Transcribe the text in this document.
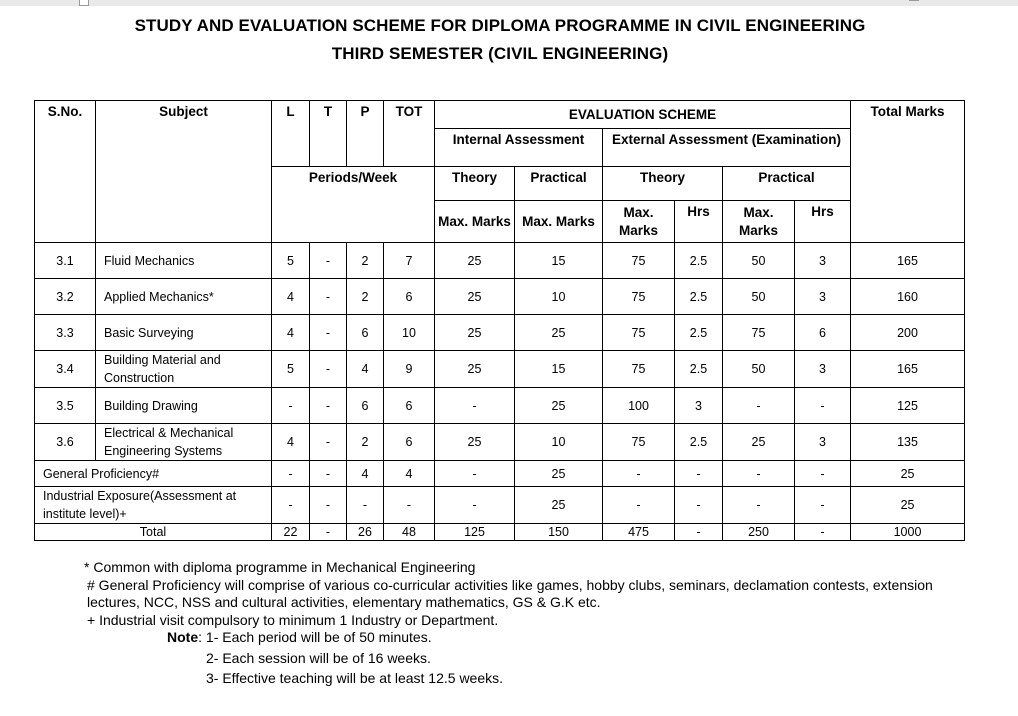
STUDY AND EVALUATION SCHEME FOR DIPLOMA PROGRAMME IN CIVIL ENGINEERING
THIRD SEMESTER (CIVIL ENGINEERING)
S.No.	Subject	L	T	P	TOT	EVALUATION SCHEME						Total Marks
						Internal Assessment		External Assessment (Examination)				
		Periods/Week				Theory	Practical	Theory		Practical		
						Max. Marks	Max. Marks	Max. Marks	Hrs	Max. Marks	Hrs	
3.1	Fluid Mechanics	5	-	2	7	25	15	75	2.5	50	3	165
3.2	Applied Mechanics*	4	-	2	6	25	10	75	2.5	50	3	160
3.3	Basic Surveying	4	-	6	10	25	25	75	2.5	75	6	200
3.4	Building Material and Construction	5	-	4	9	25	15	75	2.5	50	3	165
3.5	Building Drawing	-	-	6	6	-	25	100	3	-	-	125
3.6	Electrical & Mechanical Engineering Systems	4	-	2	6	25	10	75	2.5	25	3	135
General Proficiency#		-	-	4	4	-	25	-	-	-	-	25
Industrial Exposure(Assessment at institute level)+		-	-	-	-	-	25	-	-	-	-	25
Total		22	-	26	48	125	150	475	-	250	-	1000

* Common with diploma programme in Mechanical Engineering

# General Proficiency will comprise of various co-curricular activities like games, hobby clubs, seminars, declamation contests, extension lectures, NCC, NSS and cultural activities, elementary mathematics, GS & G.K etc.

+ Industrial visit compulsory to minimum 1 Industry or Department.

Note: 1- Each period will be of 50 minutes.

2- Each session will be of 16 weeks.

3- Effective teaching will be at least 12.5 weeks.
